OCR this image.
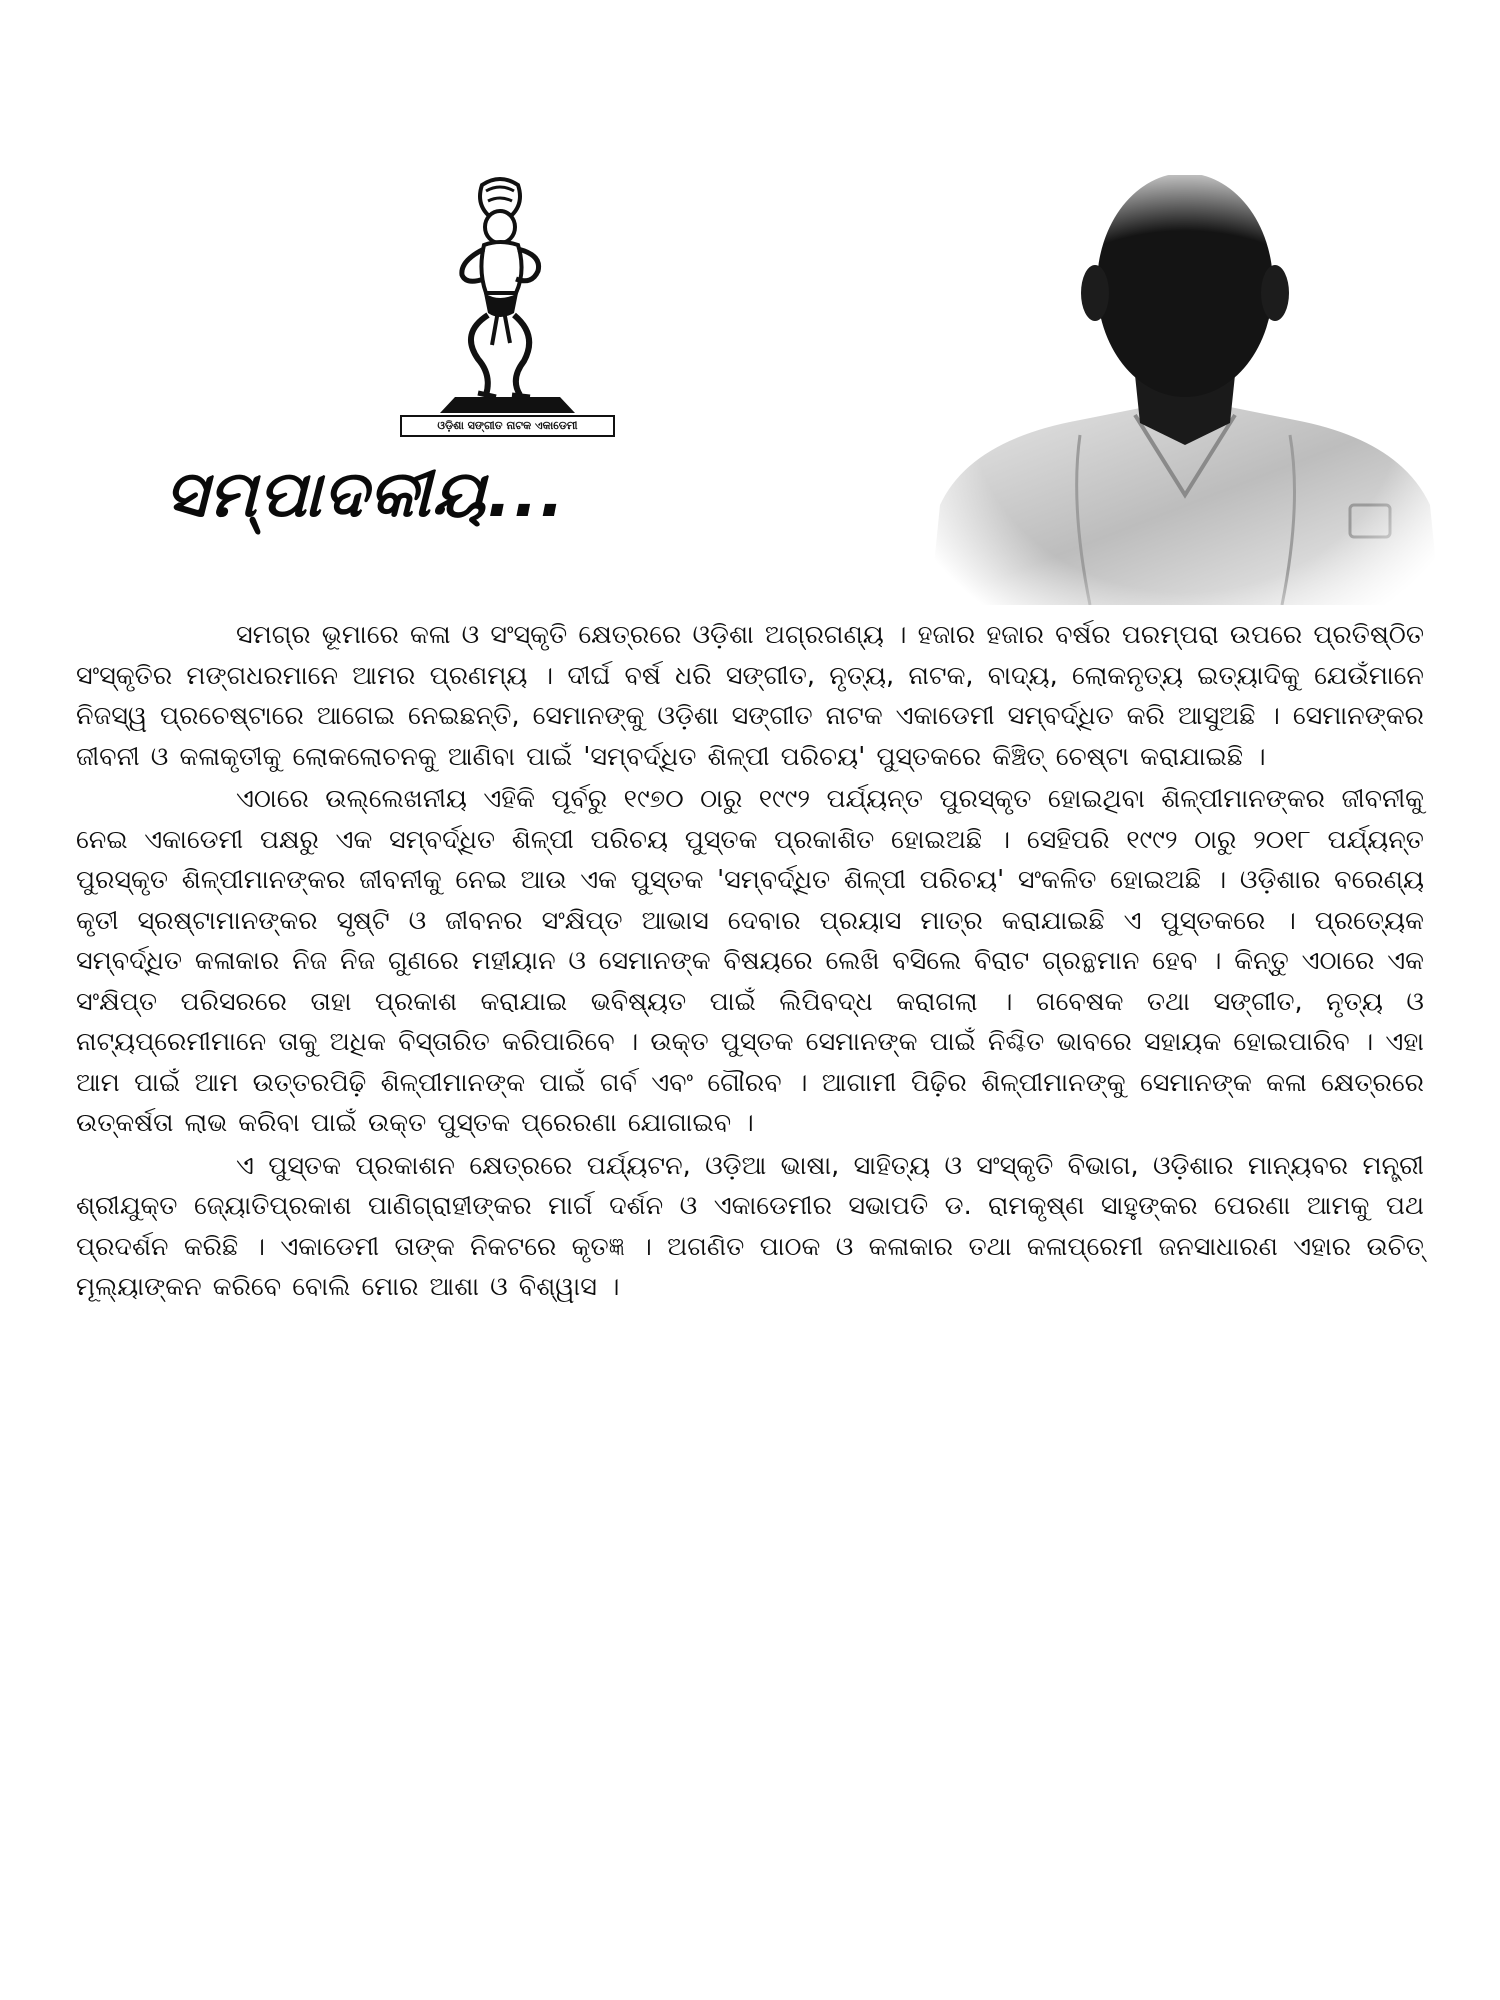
ଓଡ଼ିଶା ସଙ୍ଗୀତ ନାଟକ ଏକାଡେମୀ
ସମ୍ପାଦକୀୟ...

ସମଗ୍ର ଭୂମାରେ କଳା ଓ ସଂସ୍କୃତି କ୍ଷେତ୍ରରେ ଓଡ଼ିଶା ଅଗ୍ରଗଣ୍ୟ । ହଜାର ହଜାର ବର୍ଷର ପରମ୍ପରା ଉପରେ ପ୍ରତିଷ୍ଠିତ ସଂସ୍କୃତିର ମଙ୍ଗଧରମାନେ ଆମର ପ୍ରଣମ୍ୟ । ଦୀର୍ଘ ବର୍ଷ ଧରି ସଙ୍ଗୀତ, ନୃତ୍ୟ, ନାଟକ, ବାଦ୍ୟ, ଲୋକନୃତ୍ୟ ଇତ୍ୟାଦିକୁ ଯେଉଁମାନେ ନିଜସ୍ୱ ପ୍ରଚେଷ୍ଟାରେ ଆଗେଇ ନେଇଛନ୍ତି, ସେମାନଙ୍କୁ ଓଡ଼ିଶା ସଙ୍ଗୀତ ନାଟକ ଏକାଡେମୀ ସମ୍ବର୍ଦ୍ଧିତ କରି ଆସୁଅଛି । ସେମାନଙ୍କର ଜୀବନୀ ଓ କଳାକୃତୀକୁ ଲୋକଲୋଚନକୁ ଆଣିବା ପାଇଁ 'ସମ୍ବର୍ଦ୍ଧିତ ଶିଳ୍ପୀ ପରିଚୟ' ପୁସ୍ତକରେ କିଞ୍ଚିତ୍ ଚେଷ୍ଟା କରାଯାଇଛି ।

ଏଠାରେ ଉଲ୍ଲେଖନୀୟ ଏହିକି ପୂର୍ବରୁ ୧୯୭୦ ଠାରୁ ୧୯୯୨ ପର୍ଯ୍ୟନ୍ତ ପୁରସ୍କୃତ ହୋଇଥିବା ଶିଳ୍ପୀମାନଙ୍କର ଜୀବନୀକୁ ନେଇ ଏକାଡେମୀ ପକ୍ଷରୁ ଏକ ସମ୍ବର୍ଦ୍ଧିତ ଶିଳ୍ପୀ ପରିଚୟ ପୁସ୍ତକ ପ୍ରକାଶିତ ହୋଇଅଛି । ସେହିପରି ୧୯୯୨ ଠାରୁ ୨୦୧୮ ପର୍ଯ୍ୟନ୍ତ ପୁରସ୍କୃତ ଶିଳ୍ପୀମାନଙ୍କର ଜୀବନୀକୁ ନେଇ ଆଉ ଏକ ପୁସ୍ତକ 'ସମ୍ବର୍ଦ୍ଧିତ ଶିଳ୍ପୀ ପରିଚୟ' ସଂକଳିତ ହୋଇଅଛି । ଓଡ଼ିଶାର ବରେଣ୍ୟ କୃତୀ ସ୍ରଷ୍ଟାମାନଙ୍କର ସୃଷ୍ଟି ଓ ଜୀବନର ସଂକ୍ଷିପ୍ତ ଆଭାସ ଦେବାର ପ୍ରୟାସ ମାତ୍ର କରାଯାଇଛି ଏ ପୁସ୍ତକରେ । ପ୍ରତ୍ୟେକ ସମ୍ବର୍ଦ୍ଧିତ କଳାକାର ନିଜ ନିଜ ଗୁଣରେ ମହୀୟାନ ଓ ସେମାନଙ୍କ ବିଷୟରେ ଲେଖି ବସିଲେ ବିରାଟ ଗ୍ରନ୍ଥମାନ ହେବ । କିନ୍ତୁ ଏଠାରେ ଏକ ସଂକ୍ଷିପ୍ତ ପରିସରରେ ତାହା ପ୍ରକାଶ କରାଯାଇ ଭବିଷ୍ୟତ ପାଇଁ ଲିପିବଦ୍ଧ କରାଗଲା । ଗବେଷକ ତଥା ସଙ୍ଗୀତ, ନୃତ୍ୟ ଓ ନାଟ୍ୟପ୍ରେମୀମାନେ ତାକୁ ଅଧିକ ବିସ୍ତାରିତ କରିପାରିବେ । ଉକ୍ତ ପୁସ୍ତକ ସେମାନଙ୍କ ପାଇଁ ନିଶ୍ଚିତ ଭାବରେ ସହାୟକ ହୋଇପାରିବ । ଏହା ଆମ ପାଇଁ ଆମ ଉତ୍ତରପିଢ଼ି ଶିଳ୍ପୀମାନଙ୍କ ପାଇଁ ଗର୍ବ ଏବଂ ଗୌରବ । ଆଗାମୀ ପିଢ଼ିର ଶିଳ୍ପୀମାନଙ୍କୁ ସେମାନଙ୍କ କଳା କ୍ଷେତ୍ରରେ ଉତ୍କର୍ଷତା ଲାଭ କରିବା ପାଇଁ ଉକ୍ତ ପୁସ୍ତକ ପ୍ରେରଣା ଯୋଗାଇବ ।

ଏ ପୁସ୍ତକ ପ୍ରକାଶନ କ୍ଷେତ୍ରରେ ପର୍ଯ୍ୟଟନ, ଓଡ଼ିଆ ଭାଷା, ସାହିତ୍ୟ ଓ ସଂସ୍କୃତି ବିଭାଗ, ଓଡ଼ିଶାର ମାନ୍ୟବର ମନ୍ତ୍ରୀ ଶ୍ରୀଯୁକ୍ତ ଜ୍ୟୋତିପ୍ରକାଶ ପାଣିଗ୍ରାହୀଙ୍କର ମାର୍ଗ ଦର୍ଶନ ଓ ଏକାଡେମୀର ସଭାପତି ଡ. ରାମକୃଷ୍ଣ ସାହୁଙ୍କର ପେରଣା ଆମକୁ ପଥ ପ୍ରଦର୍ଶନ କରିଛି । ଏକାଡେମୀ ତାଙ୍କ ନିକଟରେ କୃତଜ୍ଞ । ଅଗଣିତ ପାଠକ ଓ କଳାକାର ତଥା କଳାପ୍ରେମୀ ଜନସାଧାରଣ ଏହାର ଉଚିତ୍ ମୂଲ୍ୟାଙ୍କନ କରିବେ ବୋଲି ମୋର ଆଶା ଓ ବିଶ୍ୱାସ ।
